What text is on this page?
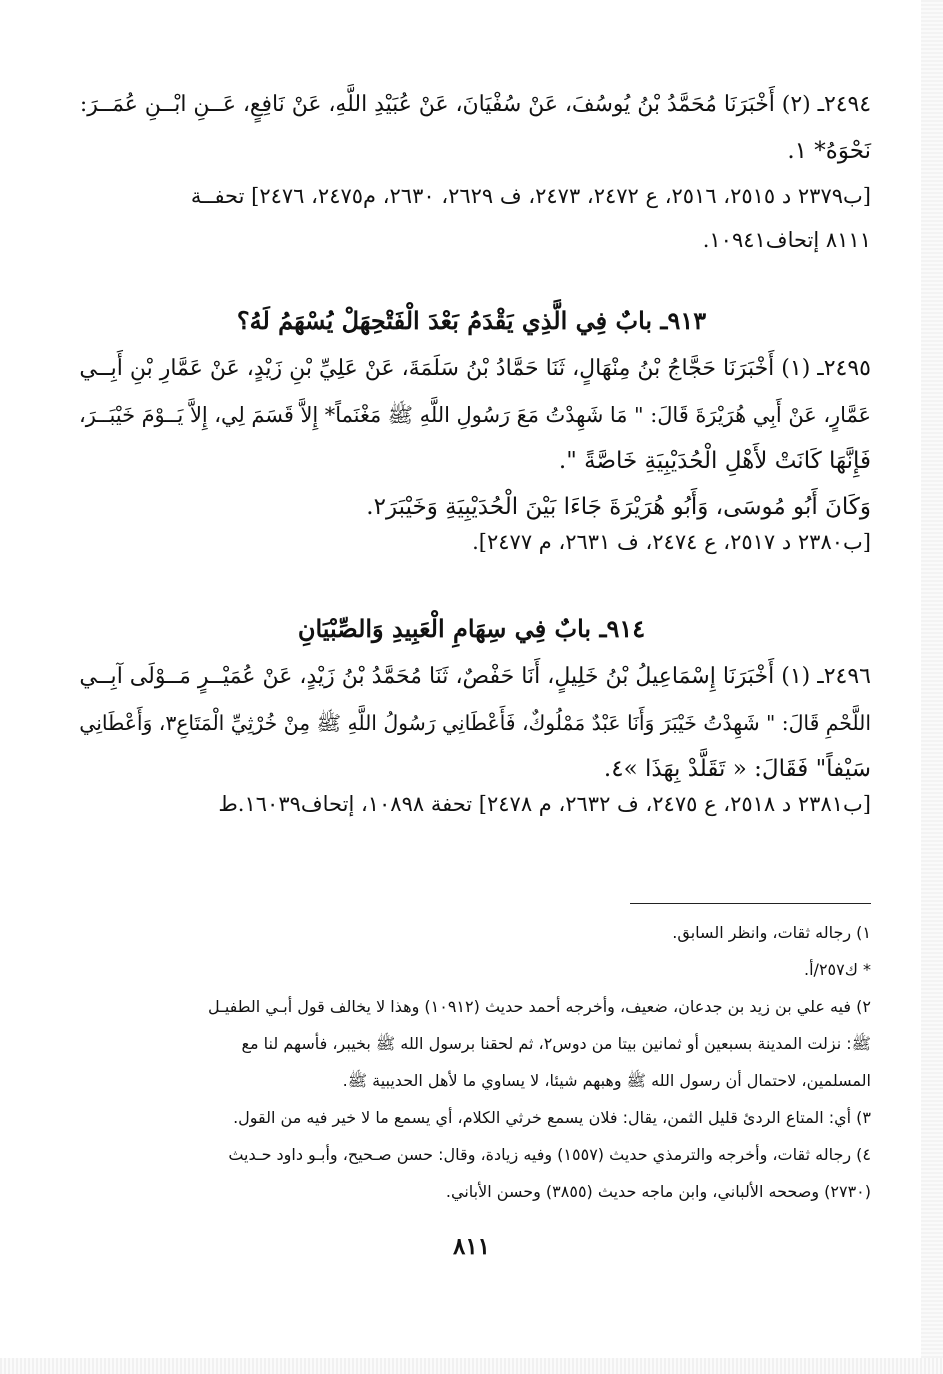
٢٤٩٤ـ (٢) أَخْبَرَنَا مُحَمَّدُ بْنُ يُوسُفَ، عَنْ سُفْيَانَ، عَنْ عُبَيْدِ اللَّهِ، عَنْ نَافِعٍ، عَــنِ ابْــنِ عُمَــرَ:
نَحْوَهُ* ١.
[ب٢٣٧٩ د ٢٥١٥، ٢٥١٦، ع ٢٤٧٢، ٢٤٧٣، ف ٢٦٢٩، ٢٦٣٠، م٢٤٧٥، ٢٤٧٦] تحفــة
٨١١١ إتحاف١٠٩٤١.
٩١٣ـ بابٌ فِي الَّذِي يَقْدَمُ بَعْدَ الْفَتْحِهَلْ يُسْهَمُ لَهُ؟
٢٤٩٥ـ (١) أَخْبَرَنَا حَجَّاجُ بْنُ مِنْهَالٍ، ثَنَا حَمَّادُ بْنُ سَلَمَةَ، عَنْ عَلِيِّ بْنِ زَيْدٍ، عَنْ عَمَّارِ بْنِ أَبِــي
عَمَّارٍ، عَنْ أَبِي هُرَيْرَةَ قَالَ: " مَا شَهِدْتُ مَعَ رَسُولِ اللَّهِ ﷺ مَغْنَماً* إِلاَّ قَسَمَ لِي، إِلاَّ يَــوْمَ خَيْبَــرَ،
فَإِنَّهَا كَانَتْ لأَهْلِ الْحُدَيْبِيَةِ خَاصَّةً ".
وَكَانَ أَبُو مُوسَى، وَأَبُو هُرَيْرَةَ جَاءَا بَيْنَ الْحُدَيْبِيَةِ وَخَيْبَرَ٢.
[ب٢٣٨٠ د ٢٥١٧، ع ٢٤٧٤، ف ٢٦٣١، م ٢٤٧٧].
٩١٤ـ بابٌ فِي سِهَامِ الْعَبِيدِ وَالصِّبْيَانِ
٢٤٩٦ـ (١) أَخْبَرَنَا إِسْمَاعِيلُ بْنُ خَلِيلٍ، أَنَا حَفْصٌ، ثَنَا مُحَمَّدُ بْنُ زَيْدٍ، عَنْ عُمَيْــرٍ مَــوْلَى آبِــي
اللَّحْمِ قَالَ: " شَهِدْتُ خَيْبَرَ وَأَنَا عَبْدٌ مَمْلُوكٌ، فَأَعْطَانِي رَسُولُ اللَّهِ ﷺ مِنْ خُرْثِيِّ الْمَتَاعِ٣، وَأَعْطَانِي
سَيْفاً" فَقَالَ: « تَقَلَّدْ بِهَذَا »٤.
[ب٢٣٨١ د ٢٥١٨، ع ٢٤٧٥، ف ٢٦٣٢، م ٢٤٧٨] تحفة ١٠٨٩٨، إتحاف١٦٠٣٩.ط
١) رجاله ثقات، وانظر السابق.
* ك٢٥٧/أ.
٢) فيه علي بن زيد بن جدعان، ضعيف، وأخرجه أحمد حديث (١٠٩١٢) وهذا لا يخالف قول أبـي الطفيـل
ﷺ: نزلت المدينة بسبعين أو ثمانين بيتا من دوس٢، ثم لحقنا برسول الله ﷺ بخيبر، فأسهم لنا مع
المسلمين، لاحتمال أن رسول الله ﷺ وهبهم شيئا، لا يساوي ما لأهل الحديبية ﷺ.
٣) أي: المتاع الردئ قليل الثمن، يقال: فلان يسمع خرثي الكلام، أي يسمع ما لا خير فيه من القول.
٤) رجاله ثقات، وأخرجه والترمذي حديث (١٥٥٧) وفيه زيادة، وقال: حسن صـحيح، وأبـو داود حـديث
(٢٧٣٠) وصححه الألباني، وابن ماجه حديث (٣٨٥٥) وحسن الأباني.
٨١١
